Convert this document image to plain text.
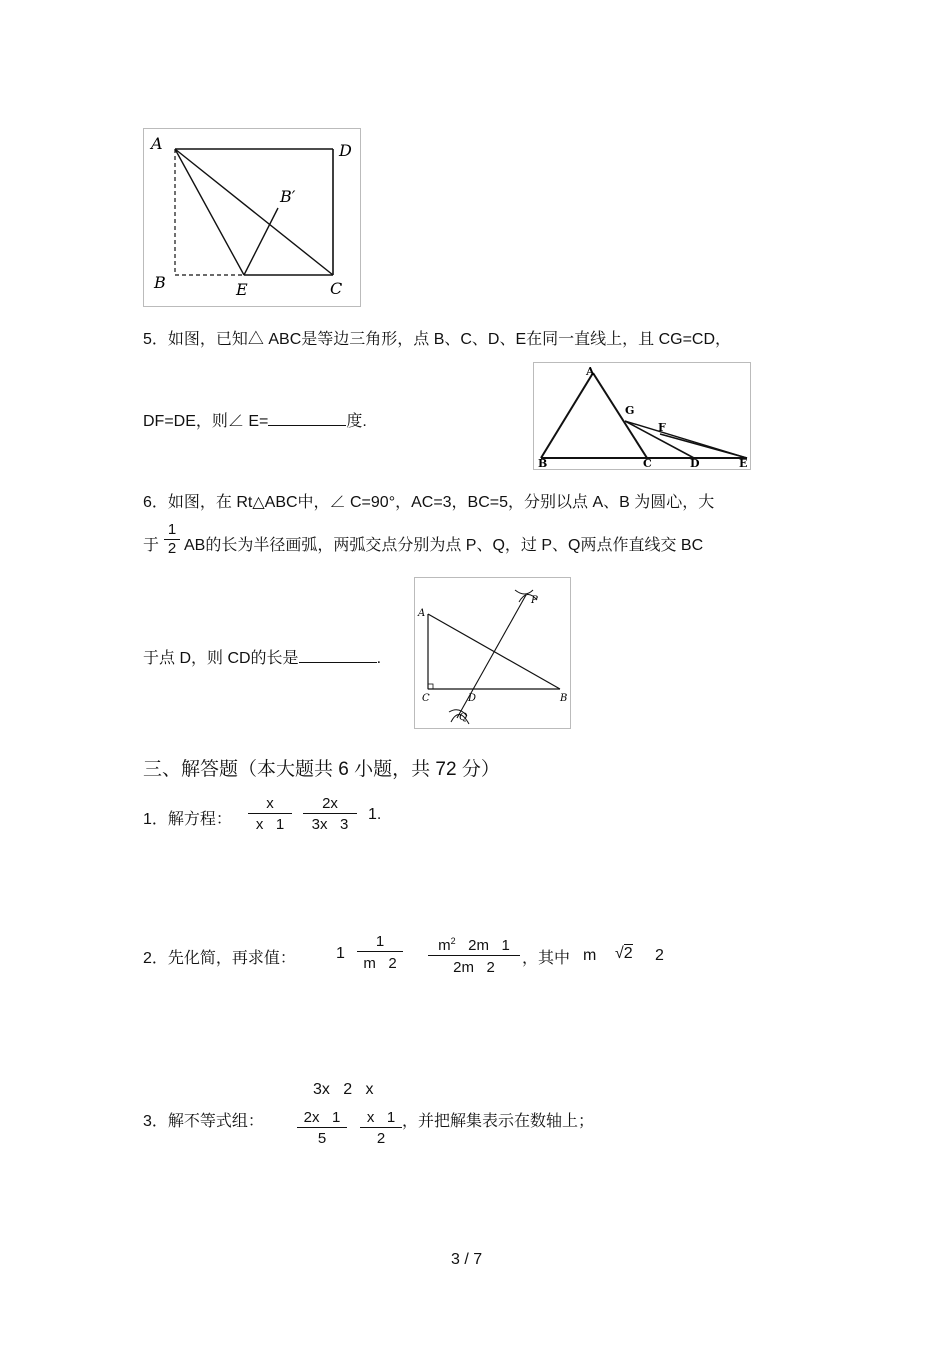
A	D
B′
B	E	C
5．如图，已知△ ABC是等边三角形，点 B、C、D、E在同一直线上，且 CG=CD，
DF=DE，则∠ E=	度.
A
G
F
B	C	D	E
6．如图，在 Rt△ABC中，∠ C=90°，AC=3，BC=5，分别以点 A、B 为圆心，大
于 $\frac{1}{2}$ AB的长为半径画弧，两弧交点分别为点 P、Q，过 P、Q两点作直线交 BC
于点 D，则 CD的长是	.
A
C	D	B
P
Q
三、解答题（本大题共 6 小题，共 72 分）
1．解方程： $\frac{x}{x 1} \frac{2x}{3x 3} 1$.
2．先化简，再求值：	$1 \frac{1}{m 2} \frac{m^2 2m 1}{2m 2}$ ，其中 m √2 2
3x   2   x
3．解不等式组： $\frac{2x 1}{5} \frac{x 1}{2}$ ，并把解集表示在数轴上；
3 / 7
